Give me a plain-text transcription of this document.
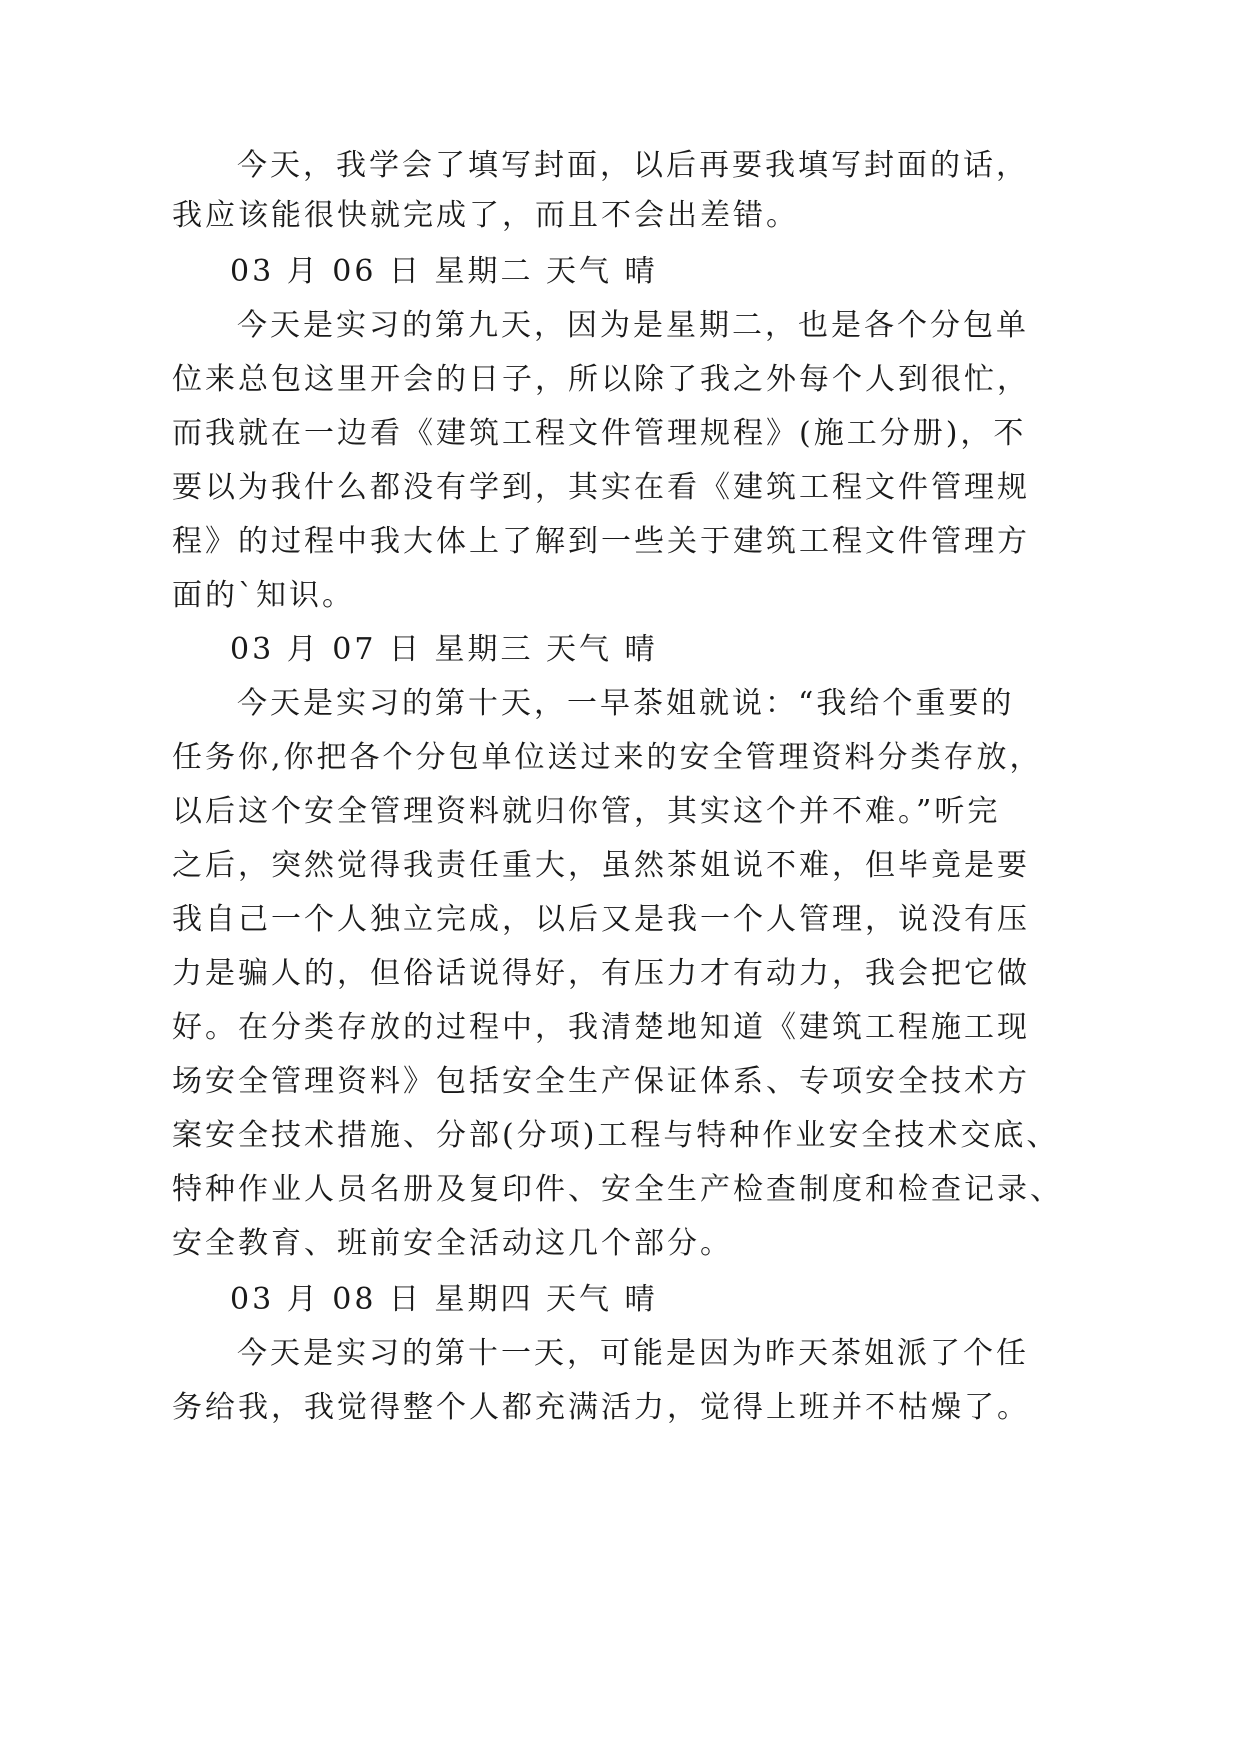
今天，我学会了填写封面，以后再要我填写封面的话，
我应该能很快就完成了，而且不会出差错。
03 月 06 日 星期二 天气 晴
今天是实习的第九天，因为是星期二，也是各个分包单
位来总包这里开会的日子，所以除了我之外每个人到很忙，
而我就在一边看《建筑工程文件管理规程》(施工分册)，不
要以为我什么都没有学到，其实在看《建筑工程文件管理规
程》的过程中我大体上了解到一些关于建筑工程文件管理方
面的`知识。
03 月 07 日 星期三 天气 晴
今天是实习的第十天，一早茶姐就说：“我给个重要的
任务你,你把各个分包单位送过来的安全管理资料分类存放，
以后这个安全管理资料就归你管，其实这个并不难。”听完
之后，突然觉得我责任重大，虽然茶姐说不难，但毕竟是要
我自己一个人独立完成，以后又是我一个人管理，说没有压
力是骗人的，但俗话说得好，有压力才有动力，我会把它做
好。在分类存放的过程中，我清楚地知道《建筑工程施工现
场安全管理资料》包括安全生产保证体系、专项安全技术方
案安全技术措施、分部(分项)工程与特种作业安全技术交底、
特种作业人员名册及复印件、安全生产检查制度和检查记录、
安全教育、班前安全活动这几个部分。
03 月 08 日 星期四 天气 晴
今天是实习的第十一天，可能是因为昨天茶姐派了个任
务给我，我觉得整个人都充满活力，觉得上班并不枯燥了。
